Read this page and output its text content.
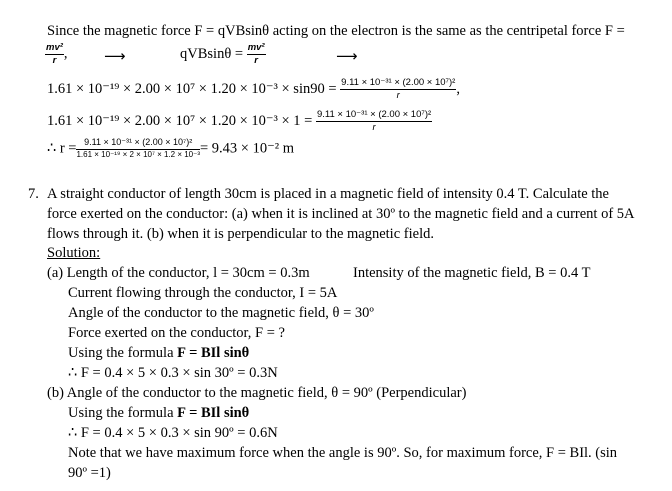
Since the magnetic force F = qVBsinθ acting on the electron is the same as the centripetal force F =
$\frac{\text{mv²}}{r}$ , ⟶	$qVBsin\theta = \frac{\text{mv²}}{r}$	⟶
$1.61 \times 10^{-19} \times 2.00 \times 10^7 \times 1.20 \times 10^{-3} \times \sin 90 = \frac{\text{9.11 × 10⁻³¹ × (2.00 × 10⁷)²}}{r}$ ,
$1.61 \times 10^{-19} \times 2.00 \times 10^7 \times 1.20 \times 10^{-3} \times 1 = \frac{\text{9.11 × 10⁻³¹ × (2.00 × 10⁷)²}}{r}$
∴ $r = \frac{\text{9.11 × 10⁻³¹ × (2.00 × 10⁷)²}}{\text{1.61 × 10⁻¹⁹ × 2 × 10⁷ × 1.2 × 10⁻³}} = 9.43 \times 10^{-2}$ m
7. A straight conductor of length 30cm is placed in a magnetic field of intensity 0.4 T. Calculate the
force exerted on the conductor: (a) when it is inclined at 30º to the magnetic field and a current of 5A
flows through it. (b) when it is perpendicular to the magnetic field.
Solution:
(a) Length of the conductor, l = 30cm = 0.3m	Intensity of the magnetic field, B = 0.4 T
Current flowing through the conductor, I = 5A
Angle of the conductor to the magnetic field, θ = 30º
Force exerted on the conductor, F = ?
Using the formula F = BIl sinθ
∴ F = 0.4 × 5 × 0.3 × sin 30º = 0.3N
(b) Angle of the conductor to the magnetic field, θ = 90º (Perpendicular)
Using the formula F = BIl sinθ
∴ F = 0.4 × 5 × 0.3 × sin 90º = 0.6N
Note that we have maximum force when the angle is 90º. So, for maximum force, F = BIl. (sin
90º =1)
